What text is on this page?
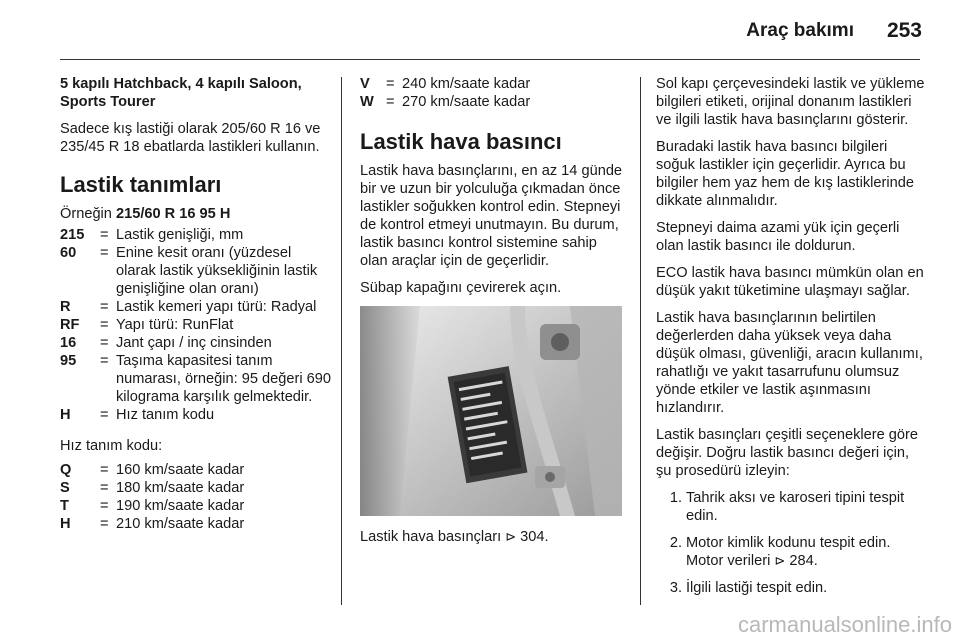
Araç bakımı 253

5 kapılı Hatchback, 4 kapılı Saloon, Sports Tourer

Sadece kış lastiği olarak 205/60 R 16 ve 235/45 R 18 ebatlarda lastikleri kullanın.

Lastik tanımları

Örneğin 215/60 R 16 95 H

215	= Lastik genişliği, mm
60	= Enine kesit oranı (yüzdesel olarak lastik yüksekliğinin lastik genişliğine olan oranı)
R	= Lastik kemeri yapı türü: Radyal
RF	= Yapı türü: RunFlat
16	= Jant çapı / inç cinsinden
95	= Taşıma kapasitesi tanım numarası, örneğin: 95 değeri 690 kilograma karşılık gelmektedir.
H	= Hız tanım kodu

Hız tanım kodu:

Q	= 160 km/saate kadar
S	= 180 km/saate kadar
T	= 190 km/saate kadar
H	= 210 km/saate kadar
V	= 240 km/saate kadar
W = 270 km/saate kadar
Lastik hava basıncı

Lastik hava basınçlarını, en az 14 günde bir ve uzun bir yolculuğa çıkmadan önce lastikler soğukken kontrol edin. Stepneyi de kontrol etmeyi unutmayın. Bu durum, lastik basıncı kontrol sistemine sahip olan araçlar için de geçerlidir.

Sübap kapağını çevirerek açın.

Lastik hava basınçları ⊳ 304.

Sol kapı çerçevesindeki lastik ve yükleme bilgileri etiketi, orijinal donanım lastikleri ve ilgili lastik hava basınçlarını gösterir.

Buradaki lastik hava basıncı bilgileri soğuk lastikler için geçerlidir. Ayrıca bu bilgiler hem yaz hem de kış lastiklerinde dikkate alınmalıdır.

Stepneyi daima azami yük için geçerli olan lastik basıncı ile doldurun.

ECO lastik hava basıncı mümkün olan en düşük yakıt tüketimine ulaşmayı sağlar.

Lastik hava basınçlarının belirtilen değerlerden daha yüksek veya daha düşük olması, güvenliği, aracın kullanımı, rahatlığı ve yakıt tasarrufunu olumsuz yönde etkiler ve lastik aşınmasını hızlandırır.

Lastik basınçları çeşitli seçeneklere göre değişir. Doğru lastik basıncı değeri için, şu prosedürü izleyin:

1. Tahrik aksı ve karoseri tipini tespit edin.
2. Motor kimlik kodunu tespit edin. Motor verileri ⊳ 284.
3. İlgili lastiği tespit edin.
carmanualsonline.info
